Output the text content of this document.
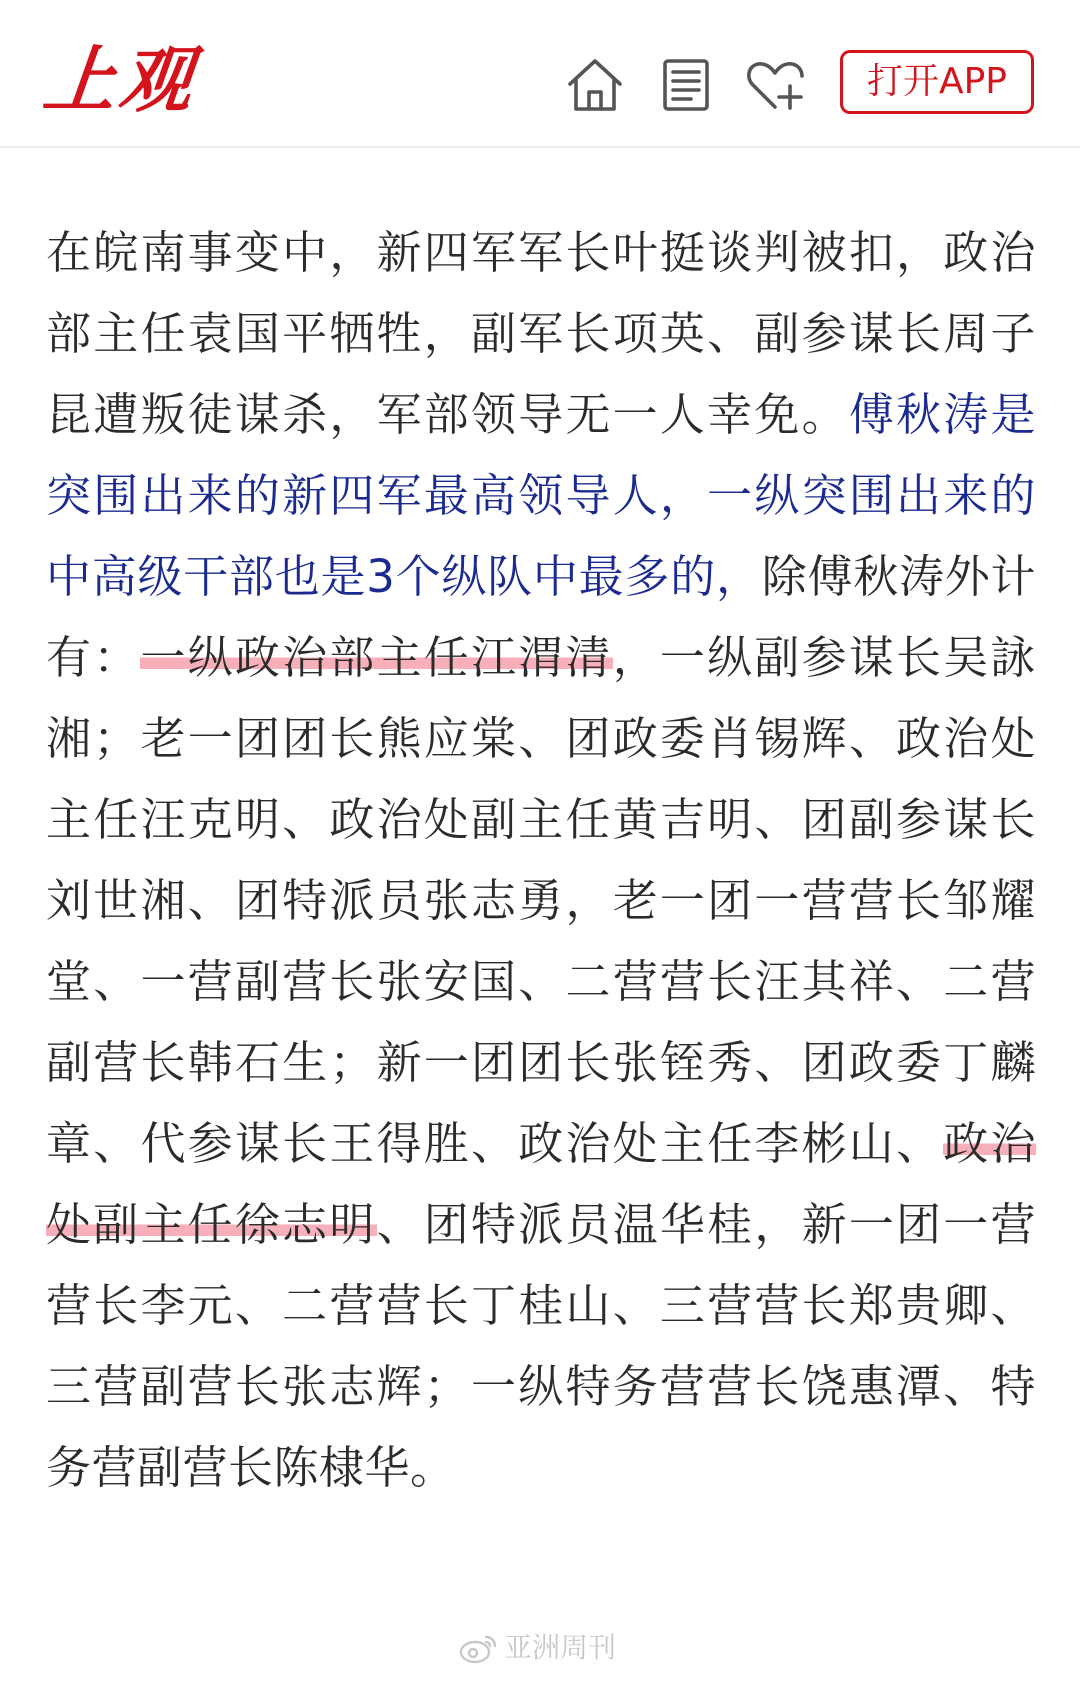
上观	打开APP

在皖南事变中，新四军军长叶挺谈判被扣，政治部主任袁国平牺牲，副军长项英、副参谋长周子昆遭叛徒谋杀，军部领导无一人幸免。傅秋涛是突围出来的新四军最高领导人，一纵突围出来的中高级干部也是3个纵队中最多的，除傅秋涛外计有：一纵政治部主任江渭清，一纵副参谋长吴詠湘；老一团团长熊应棠、团政委肖锡辉、政治处主任汪克明、政治处副主任黄吉明、团副参谋长刘世湘、团特派员张志勇，老一团一营营长邹耀堂、一营副营长张安国、二营营长汪其祥、二营副营长韩石生；新一团团长张铚秀、团政委丁麟章、代参谋长王得胜、政治处主任李彬山、政治处副主任徐志明、团特派员温华桂，新一团一营营长李元、二营营长丁桂山、三营营长郑贵卿、三营副营长张志辉；一纵特务营营长饶惠潭、特务营副营长陈棣华。

亚洲周刊
